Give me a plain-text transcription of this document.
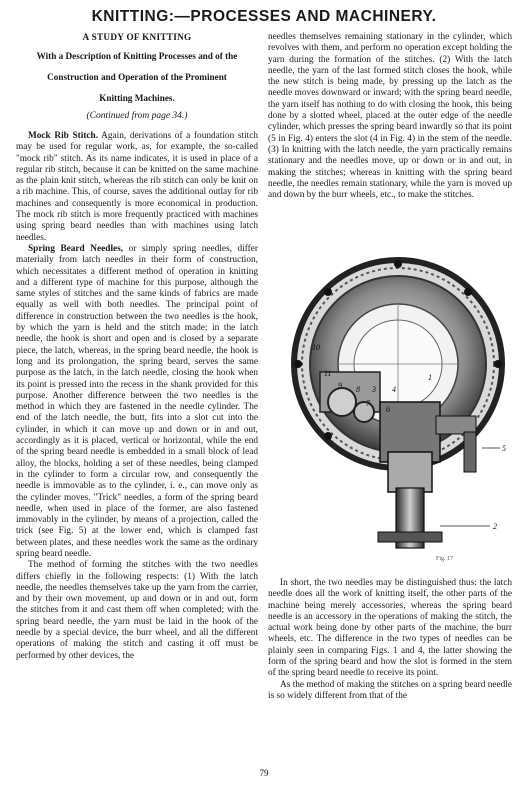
KNITTING:—PROCESSES AND MACHINERY.

A STUDY OF KNITTING

With a Description of Knitting Processes and of the

Construction and Operation of the Prominent

Knitting Machines.

(Continued from page 34.)

Mock Rib Stitch. Again, derivations of a foundation stitch may be used for regular work, as, for example, the so-called "mock rib" stitch. As its name indicates, it is used in place of a regular rib stitch, because it can be knitted on the same machine as the plain knit stitch, whereas the rib stitch can only be knit on a rib machine. This, of course, saves the additional outlay for rib machines and consequently is more economical in production. The mock rib stitch is more frequently practiced with machines using spring beard needles than with machines using latch needles.

Spring Beard Needles, or simply spring needles, differ materially from latch needles in their form of construction, which necessitates a different method of operation in knitting and a different type of machine for this purpose, although the same styles of stitches and the same kinds of fabrics are made equally as well with both needles. The principal point of difference in construction between the two needles is the hook, by which the yarn is held and the stitch made; in the latch needle, the hook is short and open and is closed by a separate piece, the latch, whereas, in the spring beard needle, the hook is long and its prolongation, the spring beard, serves the same purpose as the latch, in the latch needle, closing the hook when its point is pressed into the recess in the shank provided for this purpose. Another difference between the two needles is the method in which they are fastened in the needle cylinder. The end of the latch needle, the butt, fits into a slot cut into the cylinder, in which it can move up and down or in and out, accordingly as it is placed, vertical or horizontal, while the end of the spring beard needle is embedded in a small block of lead alloy, the blocks, holding a set of these needles, being clamped in the cylinder to form a circular row, and consequently the needle is immovable as to the cylinder, i. e., can move only as the cylinder moves. "Trick" needles, a form of the spring beard needle, when used in place of the former, are also fastened immovably in the cylinder, by means of a projection, called the trick (see Fig. 5) at the lower end, which is clamped fast between plates, and these needles work the same as the ordinary spring beard needle.

The method of forming the stitches with the two needles differs chiefly in the following respects: (1) With the latch needle, the needles themselves take up the yarn from the carrier, and by their own movement, up and down or in and out, form the stitches from it and cast them off when completed; with the spring beard needle, the yarn must be laid in the hook of the needle by a special device, the burr wheel, and all the different operations of making the stitch and casting it off must be performed by other devices, the

needles themselves remaining stationary in the cylinder, which revolves with them, and perform no operation except holding the yarn during the formation of the stitches. (2) With the latch needle, the yarn of the last formed stitch closes the hook, while the new stitch is being made, by pressing up the latch as the needle moves downward or inward; with the spring beard needle, the yarn itself has nothing to do with closing the hook, this being done by a slotted wheel, placed at the outer edge of the needle cylinder, which presses the spring beard inwardly so that its point (5 in Fig. 4) enters the slot (4 in Fig. 4) in the stem of the needle. (3) In knitting with the latch needle, the yarn practically remains stationary and the needles move, up or down or in and out, in making the stitches; whereas in knitting with the spring beard needle, the needles remain stationary, while the yarn is moved up and down by the burr wheels, etc., to make the stitches.

10
11
9 8 3 4
7
6
1
5
2
Fig. 17

In short, the two needles may be distinguished thus: the latch needle does all the work of knitting itself, the other parts of the machine being merely accessories, whereas the spring beard needle is an accessory in the operations of making the stitch, the actual work being done by other parts of the machine, the burr wheels, etc. The difference in the two types of needles can be plainly seen in comparing Figs. 1 and 4, the latter showing the form of the spring beard and how the slot is formed in the stem of the spring beard needle to receive its point.

As the method of making the stitches on a spring beard needle is so widely different from that of the

79
